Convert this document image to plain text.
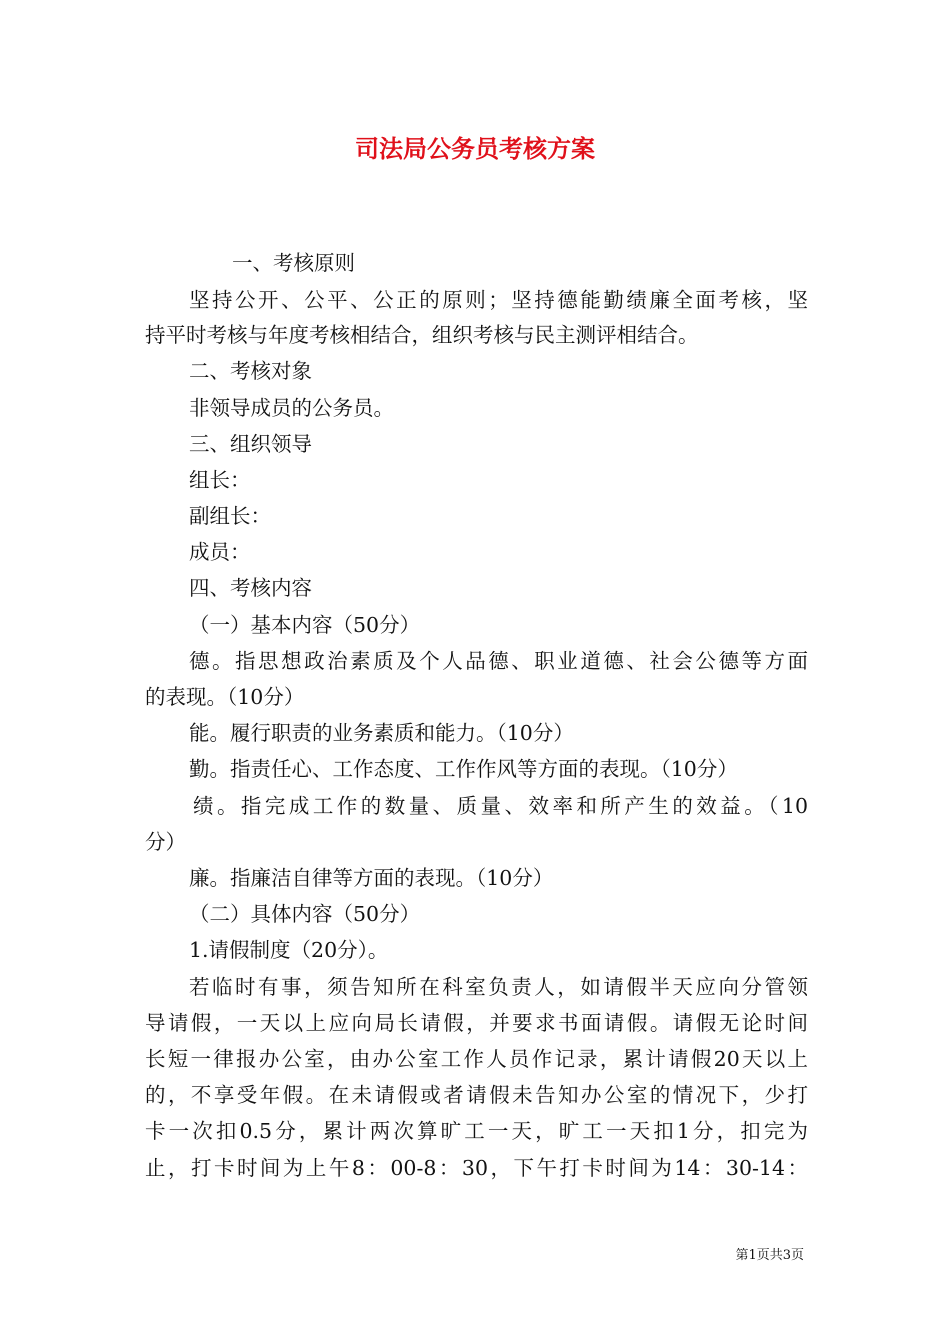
司法局公务员考核方案
一、考核原则
坚持公开、公平、公正的原则；坚持德能勤绩廉全面考核，坚
持平时考核与年度考核相结合，组织考核与民主测评相结合。
二、考核对象
非领导成员的公务员。
三、组织领导
组长：
副组长：
成员：
四、考核内容
（一）基本内容（50分）
德。指思想政治素质及个人品德、职业道德、社会公德等方面
的表现。（10分）
能。履行职责的业务素质和能力。（10分）
勤。指责任心、工作态度、工作作风等方面的表现。（10分）
绩。指完成工作的数量、质量、效率和所产生的效益。（10
分）
廉。指廉洁自律等方面的表现。（10分）
（二）具体内容（50分）
1.请假制度（20分）。
若临时有事，须告知所在科室负责人，如请假半天应向分管领
导请假，一天以上应向局长请假，并要求书面请假。请假无论时间
长短一律报办公室，由办公室工作人员作记录，累计请假20天以上
的，不享受年假。在未请假或者请假未告知办公室的情况下，少打
卡一次扣0.5分，累计两次算旷工一天，旷工一天扣1分，扣完为
止，打卡时间为上午8：00-8：30，下午打卡时间为14：30-14：
第1页共3页
